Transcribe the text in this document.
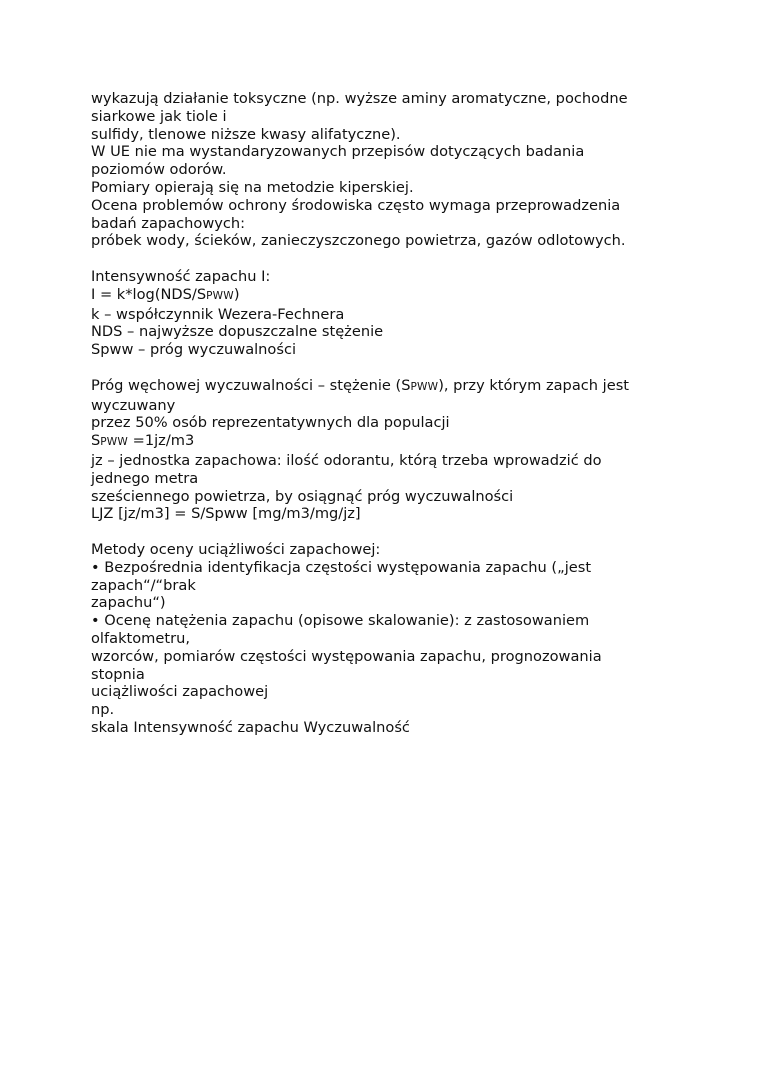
wykazują działanie toksyczne (np. wyższe aminy aromatyczne, pochodne
siarkowe jak tiole i
sulfidy, tlenowe niższe kwasy alifatyczne).
W UE nie ma wystandaryzowanych przepisów dotyczących badania
poziomów odorów.
Pomiary opierają się na metodzie kiperskiej.
Ocena problemów ochrony środowiska często wymaga przeprowadzenia
badań zapachowych:
próbek wody, ścieków, zanieczyszczonego powietrza, gazów odlotowych.
Intensywność zapachu I:
I = k*log(NDS/SPWW)
k – współczynnik Wezera-Fechnera
NDS – najwyższe dopuszczalne stężenie
Spww – próg wyczuwalności
Próg węchowej wyczuwalności – stężenie (SPWW), przy którym zapach jest
wyczuwany
przez 50% osób reprezentatywnych dla populacji
SPWW =1jz/m3
jz – jednostka zapachowa: ilość odorantu, którą trzeba wprowadzić do
jednego metra
sześciennego powietrza, by osiągnąć próg wyczuwalności
LJZ [jz/m3] = S/Spww [mg/m3/mg/jz]
Metody oceny uciążliwości zapachowej:
• Bezpośrednia identyfikacja częstości występowania zapachu („jest
zapach“/“brak
zapachu“)
• Ocenę natężenia zapachu (opisowe skalowanie): z zastosowaniem
olfaktometru,
wzorców, pomiarów częstości występowania zapachu, prognozowania
stopnia
uciążliwości zapachowej
np.
skala Intensywność zapachu Wyczuwalność
